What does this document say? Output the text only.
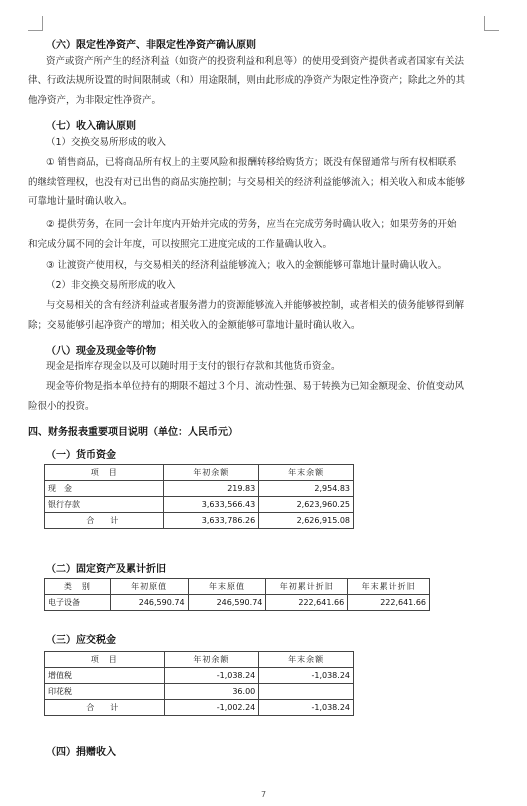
（六）限定性净资产、非限定性净资产确认原则
资产或资产所产生的经济利益（如资产的投资利益和利息等）的使用受到资产提供者或者国家有关法
律、行政法规所设置的时间限制或（和）用途限制，则由此形成的净资产为限定性净资产；除此之外的其
他净资产，为非限定性净资产。
（七）收入确认原则
（1）交换交易所形成的收入
① 销售商品，已将商品所有权上的主要风险和报酬转移给购货方；既没有保留通常与所有权相联系
的继续管理权，也没有对已出售的商品实施控制；与交易相关的经济利益能够流入；相关收入和成本能够
可靠地计量时确认收入。
② 提供劳务，在同一会计年度内开始并完成的劳务，应当在完成劳务时确认收入；如果劳务的开始
和完成分属不同的会计年度，可以按照完工进度完成的工作量确认收入。
③ 让渡资产使用权，与交易相关的经济利益能够流入；收入的金额能够可靠地计量时确认收入。
（2）非交换交易所形成的收入
与交易相关的含有经济利益或者服务潜力的资源能够流入并能够被控制，或者相关的债务能够得到解
除；交易能够引起净资产的增加；相关收入的金额能够可靠地计量时确认收入。
（八）现金及现金等价物
现金是指库存现金以及可以随时用于支付的银行存款和其他货币资金。
现金等价物是指本单位持有的期限不超过３个月、流动性强、易于转换为已知金额现金、价值变动风
险很小的投资。
四、财务报表重要项目说明（单位：人民币元）
（一）货币资金
项　目	年初余额	年末余额
现　金	219.83	2,954.83
银行存款	3,633,566.43	2,623,960.25
合　计	3,633,786.26	2,626,915.08
（二）固定资产及累计折旧
类　别	年初原值	年末原值	年初累计折旧	年末累计折旧
电子设备	246,590.74	246,590.74	222,641.66	222,641.66
（三）应交税金
项　目	年初余额	年末余额
增值税	-1,038.24	-1,038.24
印花税	36.00	
合　计	-1,002.24	-1,038.24
（四）捐赠收入
7
